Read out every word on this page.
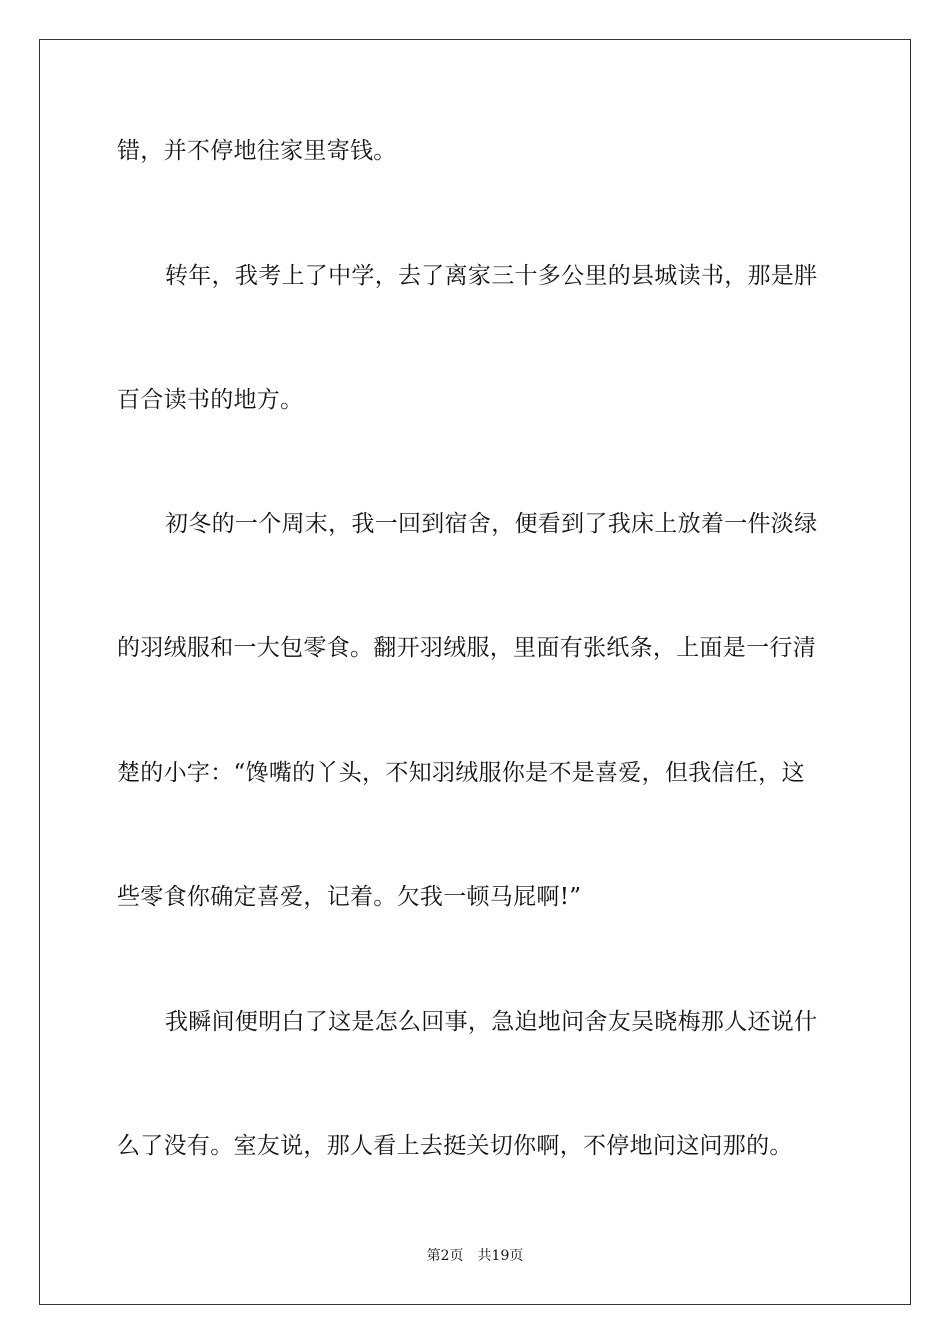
错，并不停地往家里寄钱。
转年，我考上了中学，去了离家三十多公里的县城读书，那是胖
百合读书的地方。
初冬的一个周末，我一回到宿舍，便看到了我床上放着一件淡绿
的羽绒服和一大包零食。翻开羽绒服，里面有张纸条，上面是一行清
楚的小字：“馋嘴的丫头，不知羽绒服你是不是喜爱，但我信任，这
些零食你确定喜爱，记着。欠我一顿马屁啊!”
我瞬间便明白了这是怎么回事，急迫地问舍友吴晓梅那人还说什
么了没有。室友说，那人看上去挺关切你啊，不停地问这问那的。
第2页 共19页
